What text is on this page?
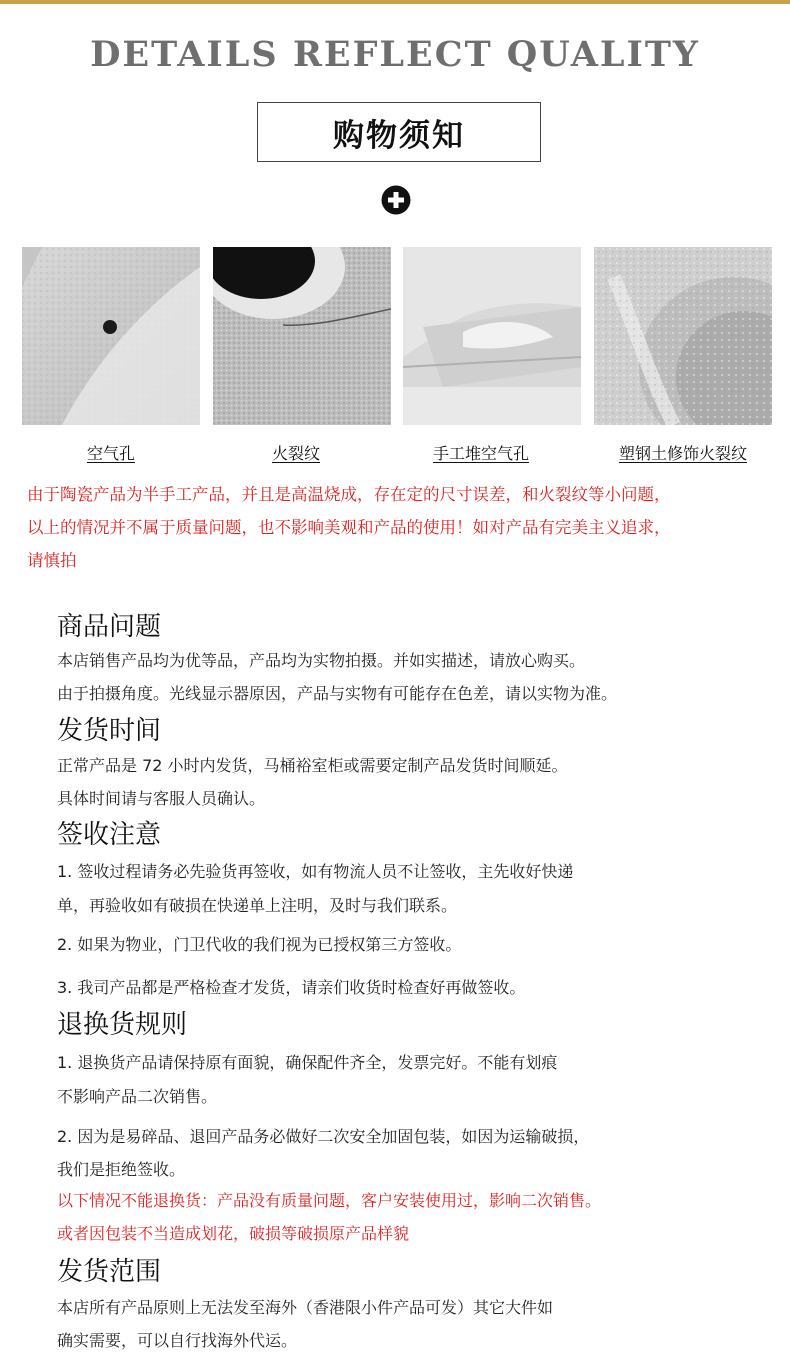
DETAILS REFLECT QUALITY
购物须知
空气孔	火裂纹	手工堆空气孔	塑钢土修饰火裂纹
由于陶瓷产品为半手工产品，并且是高温烧成，存在定的尺寸误差，和火裂纹等小问题，
以上的情况并不属于质量问题，也不影响美观和产品的使用！如对产品有完美主义追求，
请慎拍
商品问题
本店销售产品均为优等品，产品均为实物拍摄。并如实描述，请放心购买。
由于拍摄角度。光线显示器原因，产品与实物有可能存在色差，请以实物为准。
发货时间
正常产品是 72 小时内发货，马桶裕室柜或需要定制产品发货时间顺延。
具体时间请与客服人员确认。
签收注意
1. 签收过程请务必先验货再签收，如有物流人员不让签收，主先收好快递
单，再验收如有破损在快递单上注明，及时与我们联系。
2. 如果为物业，门卫代收的我们视为已授权第三方签收。
3. 我司产品都是严格检查才发货，请亲们收货时检查好再做签收。
退换货规则
1. 退换货产品请保持原有面貌，确保配件齐全，发票完好。不能有划痕
不影响产品二次销售。
2. 因为是易碎品、退回产品务必做好二次安全加固包装，如因为运输破损，
我们是拒绝签收。
以下情况不能退换货：产品没有质量问题，客户安装使用过，影响二次销售。
或者因包装不当造成划花，破损等破损原产品样貌
发货范围
本店所有产品原则上无法发至海外（香港限小件产品可发）其它大件如
确实需要，可以自行找海外代运。
